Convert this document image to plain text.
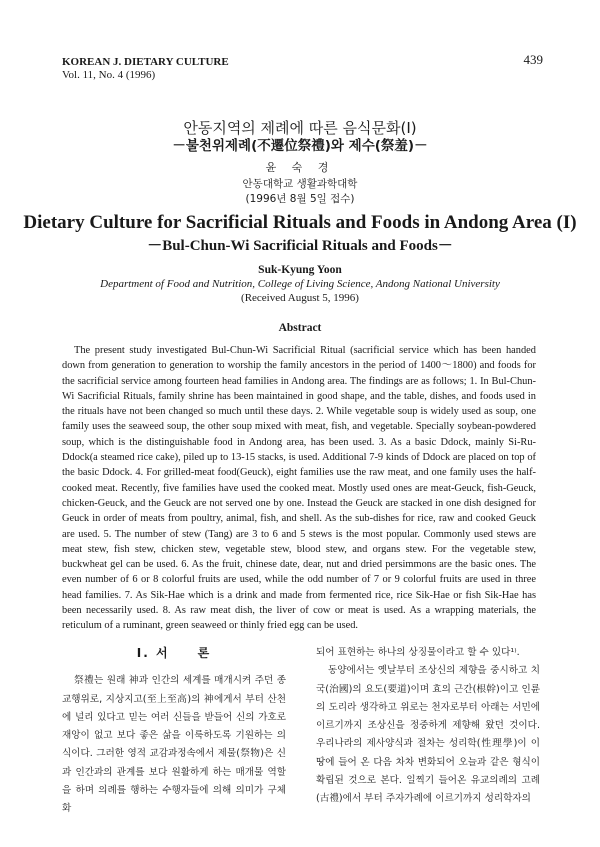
KOREAN J. DIETARY CULTURE
Vol. 11, No. 4 (1996)
439
안동지역의 제례에 따른 음식문화(I)
－불천위제례(不遷位祭禮)와 제수(祭羞)－
윤 숙 경
안동대학교 생활과학대학
(1996년 8월 5일 접수)
Dietary Culture for Sacrificial Rituals and Foods in Andong Area (I)
－Bul-Chun-Wi Sacrificial Rituals and Foods－
Suk-Kyung Yoon
Department of Food and Nutrition, College of Living Science, Andong National University
(Received August 5, 1996)
Abstract

The present study investigated Bul-Chun-Wi Sacrificial Ritual (sacrificial service which has been handed down from generation to generation to worship the family ancestors in the period of 1400～1800) and foods for the sacrificial service among fourteen head families in Andong area. The findings are as follows; 1. In Bul-Chun-Wi Sacrificial Rituals, family shrine has been maintained in good shape, and the table, dishes, and foods used in the rituals have not been changed so much until these days. 2. While vegetable soup is widely used as soup, one family uses the seaweed soup, the other soup mixed with meat, fish, and vegetable. Specially soybean-powdered soup, which is the distinguishable food in Andong area, has been used. 3. As a basic Ddock, mainly Si-Ru-Ddock(a steamed rice cake), piled up to 13-15 stacks, is used. Additional 7-9 kinds of Ddock are placed on top of the basic Ddock. 4. For grilled-meat food(Geuck), eight families use the raw meat, and one family uses the half-cooked meat. Recently, five families have used the cooked meat. Mostly used ones are meat-Geuck, fish-Geuck, chicken-Geuck, and the Geuck are not served one by one. Instead the Geuck are stacked in one dish designed for Geuck in order of meats from poultry, animal, fish, and shell. As the sub-dishes for rice, raw and cooked Geuck are used. 5. The number of stew (Tang) are 3 to 6 and 5 stews is the most popular. Commonly used stews are meat stew, fish stew, chicken stew, vegetable stew, blood stew, and organs stew. For the vegetable stew, buckwheat gel can be used. 6. As the fruit, chinese date, dear, nut and dried persimmons are the basic ones. The even number of 6 or 8 colorful fruits are used, while the odd number of 7 or 9 colorful fruits are used in three head families. 7. As Sik-Hae which is a drink and made from fermented rice, rice Sik-Hae or fish Sik-Hae has been necessarily used. 8. As raw meat dish, the liver of cow or meat is used. As a wrapping materials, the reticulum of a ruminant, green seaweed or thinly fried egg can be used.

I. 서　　론

祭禮는 원래 神과 인간의 세계를 매개시켜 주던 종교행위로, 지상지고(至上至高)의 神에게서 부터 산천에 널리 있다고 믿는 여러 신들을 받들어 신의 가호로 재앙이 없고 보다 좋은 삶을 이룩하도록 기원하는 의식이다. 그러한 영적 교감과정속에서 제물(祭物)은 신과 인간과의 관계를 보다 원활하게 하는 매개물 역할을 하며 의례를 행하는 수행자들에 의해 의미가 구체화

되어 표현하는 하나의 상징물이라고 할 수 있다¹⁾.

동양에서는 옛날부터 조상신의 제향을 중시하고 치국(治國)의 요도(要道)이며 효의 근간(根幹)이고 인륜의 도리라 생각하고 위로는 천자로부터 아래는 서민에 이르기까지 조상신을 정중하게 제향해 왔던 것이다. 우리나라의 제사양식과 절차는 성리학(性理學)이 이 땅에 들어 온 다음 차차 변화되어 오늘과 같은 형식이 확립된 것으로 본다. 일찍기 들어온 유교의례의 고례(古禮)에서 부터 주자가례에 이르기까지 성리학자의
